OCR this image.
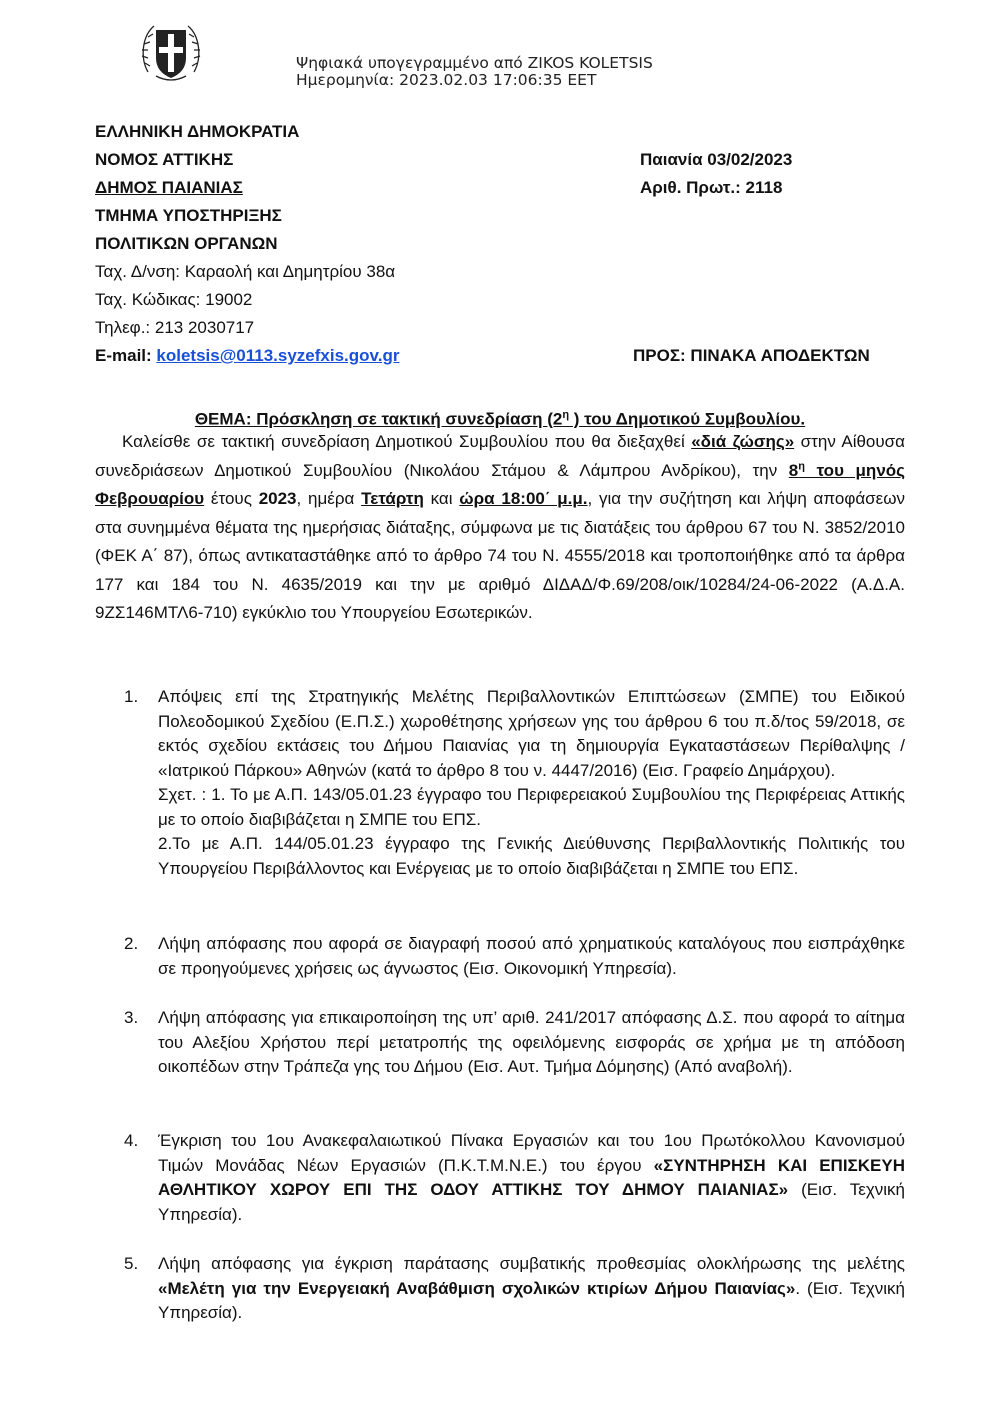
Ψηφιακά υπογεγραμμένο από ZIKOS KOLETSIS
Ημερομηνία: 2023.02.03 17:06:35 EET
ΕΛΛΗΝΙΚΗ ΔΗΜΟΚΡΑΤΙΑ
ΝΟΜΟΣ ΑΤΤΙΚΗΣ
ΔΗΜΟΣ ΠΑΙΑΝΙΑΣ
ΤΜΗΜΑ ΥΠΟΣΤΗΡΙΞΗΣ
ΠΟΛΙΤΙΚΩΝ ΟΡΓΑΝΩΝ
Ταχ. Δ/νση: Καραολή και Δημητρίου 38α
Ταχ. Κώδικας: 19002
Τηλεφ.: 213 2030717
E-mail: koletsis@0113.syzefxis.gov.gr
Παιανία 03/02/2023
Αριθ. Πρωτ.: 2118
ΠΡΟΣ: ΠΙΝΑΚΑ ΑΠΟΔΕΚΤΩΝ
ΘΕΜΑ: Πρόσκληση σε τακτική συνεδρίαση ($2^\eta$ ) του Δημοτικού Συμβουλίου.
Καλείσθε σε τακτική συνεδρίαση Δημοτικού Συμβουλίου που θα διεξαχθεί «διά ζώσης» στην Αίθουσα συνεδριάσεων Δημοτικού Συμβουλίου (Νικολάου Στάμου & Λάμπρου Ανδρίκου), την $8^\eta$ του μηνός Φεβρουαρίου έτους 2023, ημέρα Τετάρτη και ώρα 18:00΄ μ.μ., για την συζήτηση και λήψη αποφάσεων στα συνημμένα θέματα της ημερήσιας διάταξης, σύμφωνα με τις διατάξεις του άρθρου 67 του Ν. 3852/2010 (ΦΕΚ Α΄ 87), όπως αντικαταστάθηκε από το άρθρο 74 του Ν. 4555/2018 και τροποποιήθηκε από τα άρθρα 177 και 184 του Ν. 4635/2019 και την με αριθμό ΔΙΔΑΔ/Φ.69/208/οικ/10284/24-06-2022 (Α.Δ.Α. 9ΖΣ146ΜΤΛ6-710) εγκύκλιο του Υπουργείου Εσωτερικών.
1. Απόψεις επί της Στρατηγικής Μελέτης Περιβαλλοντικών Επιπτώσεων (ΣΜΠΕ) του Ειδικού Πολεοδομικού Σχεδίου (Ε.Π.Σ.) χωροθέτησης χρήσεων γης του άρθρου 6 του π.δ/τος 59/2018, σε εκτός σχεδίου εκτάσεις του Δήμου Παιανίας για τη δημιουργία Εγκαταστάσεων Περίθαλψης / «Ιατρικού Πάρκου» Αθηνών (κατά το άρθρο 8 του ν. 4447/2016) (Εισ. Γραφείο Δημάρχου).

Σχετ. : 1. Το με Α.Π. 143/05.01.23 έγγραφο του Περιφερειακού Συμβουλίου της Περιφέρειας Αττικής με το οποίο διαβιβάζεται η ΣΜΠΕ του ΕΠΣ.

2.Το με Α.Π. 144/05.01.23 έγγραφο της Γενικής Διεύθυνσης Περιβαλλοντικής Πολιτικής του Υπουργείου Περιβάλλοντος και Ενέργειας με το οποίο διαβιβάζεται η ΣΜΠΕ του ΕΠΣ.

2. Λήψη απόφασης που αφορά σε διαγραφή ποσού από χρηματικούς καταλόγους που εισπράχθηκε σε προηγούμενες χρήσεις ως άγνωστος (Εισ. Οικονομική Υπηρεσία).

3. Λήψη απόφασης για επικαιροποίηση της υπ’ αριθ. 241/2017 απόφασης Δ.Σ. που αφορά το αίτημα του Αλεξίου Χρήστου περί μετατροπής της οφειλόμενης εισφοράς σε χρήμα με τη απόδοση οικοπέδων στην Τράπεζα γης του Δήμου (Εισ. Αυτ. Τμήμα Δόμησης) (Από αναβολή).

4. Έγκριση του 1ου Ανακεφαλαιωτικού Πίνακα Εργασιών και του 1ου Πρωτόκολλου Κανονισμού Τιμών Μονάδας Νέων Εργασιών (Π.Κ.Τ.Μ.Ν.Ε.) του έργου «ΣΥΝΤΗΡΗΣΗ ΚΑΙ ΕΠΙΣΚΕΥΗ ΑΘΛΗΤΙΚΟΥ ΧΩΡΟΥ ΕΠΙ ΤΗΣ ΟΔΟΥ ΑΤΤΙΚΗΣ ΤΟΥ ΔΗΜΟΥ ΠΑΙΑΝΙΑΣ» (Εισ. Τεχνική Υπηρεσία).

5. Λήψη απόφασης για έγκριση παράτασης συμβατικής προθεσμίας ολοκλήρωσης της μελέτης «Μελέτη για την Ενεργειακή Αναβάθμιση σχολικών κτιρίων Δήμου Παιανίας». (Εισ. Τεχνική Υπηρεσία).
